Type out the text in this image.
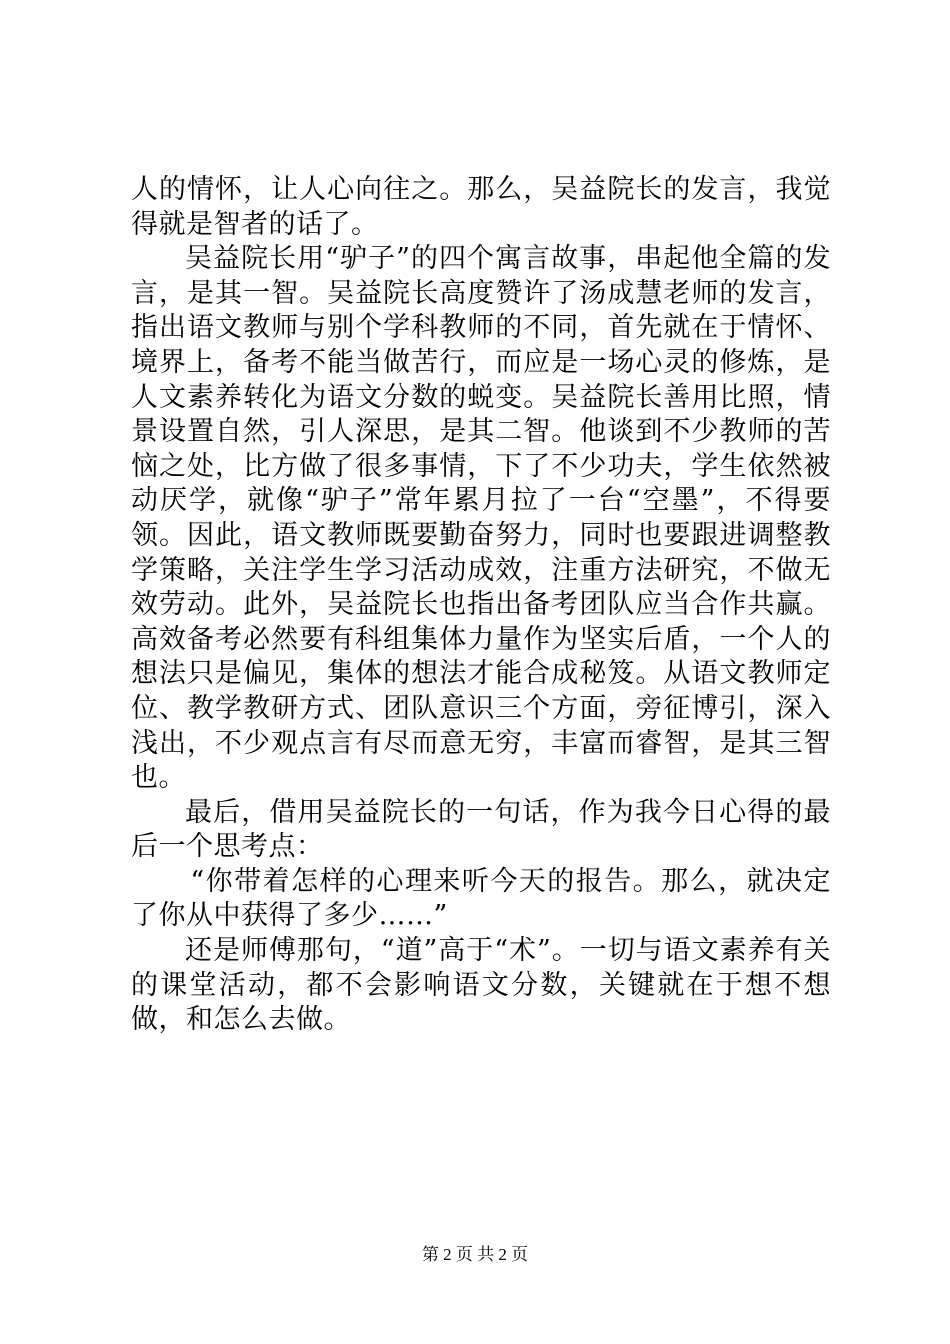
人的情怀，让人心向往之。那么，吴益院长的发言，我觉得就是智者的话了。

吴益院长用“驴子”的四个寓言故事，串起他全篇的发言，是其一智。吴益院长高度赞许了汤成慧老师的发言，指出语文教师与别个学科教师的不同，首先就在于情怀、境界上，备考不能当做苦行，而应是一场心灵的修炼，是人文素养转化为语文分数的蜕变。吴益院长善用比照，情景设置自然，引人深思，是其二智。他谈到不少教师的苦恼之处，比方做了很多事情，下了不少功夫，学生依然被动厌学，就像“驴子”常年累月拉了一台“空墨”，不得要领。因此，语文教师既要勤奋努力，同时也要跟进调整教学策略，关注学生学习活动成效，注重方法研究，不做无效劳动。此外，吴益院长也指出备考团队应当合作共赢。高效备考必然要有科组集体力量作为坚实后盾，一个人的想法只是偏见，集体的想法才能合成秘笈。从语文教师定位、教学教研方式、团队意识三个方面，旁征博引，深入浅出，不少观点言有尽而意无穷，丰富而睿智，是其三智也。

最后，借用吴益院长的一句话，作为我今日心得的最后一个思考点：

“你带着怎样的心理来听今天的报告。那么，就决定了你从中获得了多少……”

还是师傅那句，“道”高于“术”。一切与语文素养有关的课堂活动，都不会影响语文分数，关键就在于想不想做，和怎么去做。

第 2 页 共 2 页
